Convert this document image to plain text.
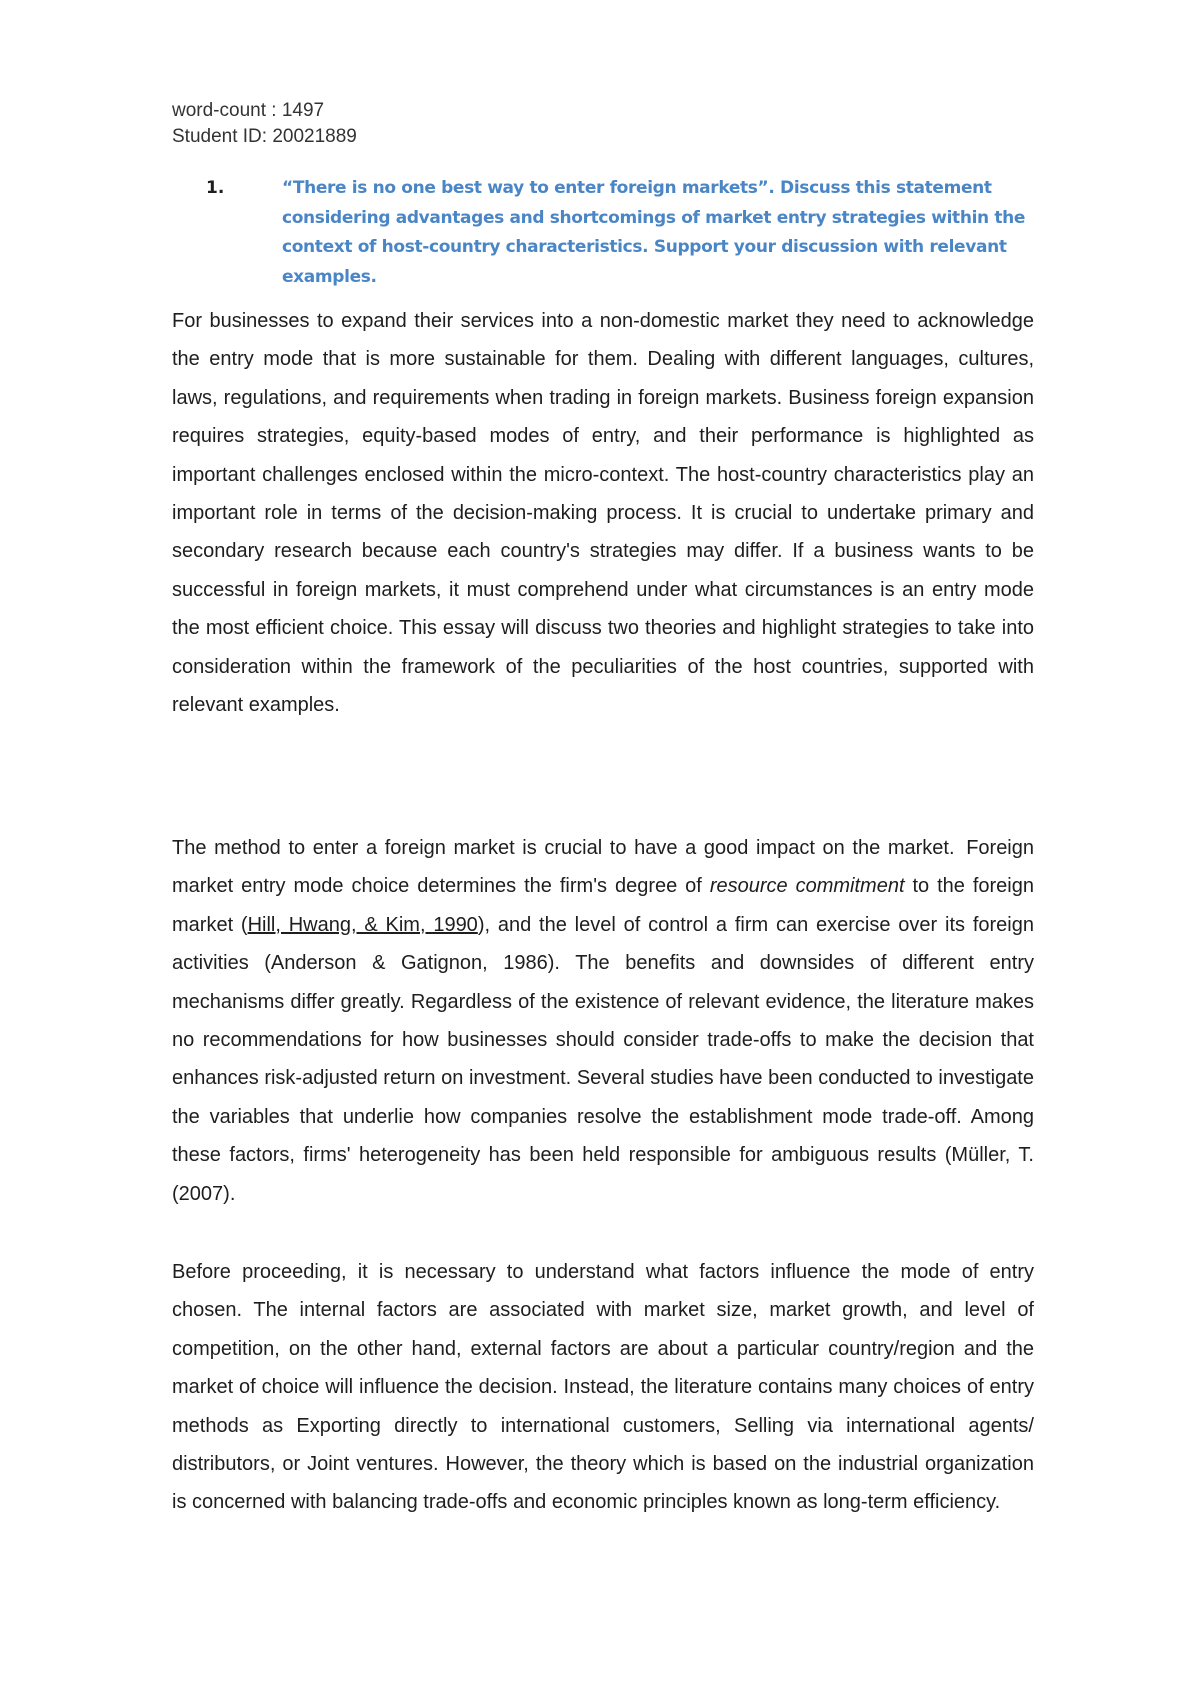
word-count : 1497
Student ID: 20021889
1.	“There is no one best way to enter foreign markets”. Discuss this statement considering advantages and shortcomings of market entry strategies within the context of host-country characteristics. Support your discussion with relevant examples.
For businesses to expand their services into a non-domestic market they need to acknowledge the entry mode that is more sustainable for them. Dealing with different languages, cultures, laws, regulations, and requirements when trading in foreign markets. Business foreign expansion requires strategies, equity-based modes of entry, and their performance is highlighted as important challenges enclosed within the micro-context. The host-country characteristics play an important role in terms of the decision-making process. It is crucial to undertake primary and secondary research because each country's strategies may differ. If a business wants to be successful in foreign markets, it must comprehend under what circumstances is an entry mode the most efficient choice. This essay will discuss two theories and highlight strategies to take into consideration within the framework of the peculiarities of the host countries, supported with relevant examples.
The method to enter a foreign market is crucial to have a good impact on the market. Foreign market entry mode choice determines the firm's degree of resource commitment to the foreign market (Hill, Hwang, & Kim, 1990), and the level of control a firm can exercise over its foreign activities (Anderson & Gatignon, 1986). The benefits and downsides of different entry mechanisms differ greatly. Regardless of the existence of relevant evidence, the literature makes no recommendations for how businesses should consider trade-offs to make the decision that enhances risk-adjusted return on investment. Several studies have been conducted to investigate the variables that underlie how companies resolve the establishment mode trade-off. Among these factors, firms' heterogeneity has been held responsible for ambiguous results (Müller, T. (2007).
Before proceeding, it is necessary to understand what factors influence the mode of entry chosen. The internal factors are associated with market size, market growth, and level of competition, on the other hand, external factors are about a particular country/region and the market of choice will influence the decision. Instead, the literature contains many choices of entry methods as Exporting directly to international customers, Selling via international agents/ distributors, or Joint ventures. However, the theory which is based on the industrial organization is concerned with balancing trade-offs and economic principles known as long-term efficiency.
